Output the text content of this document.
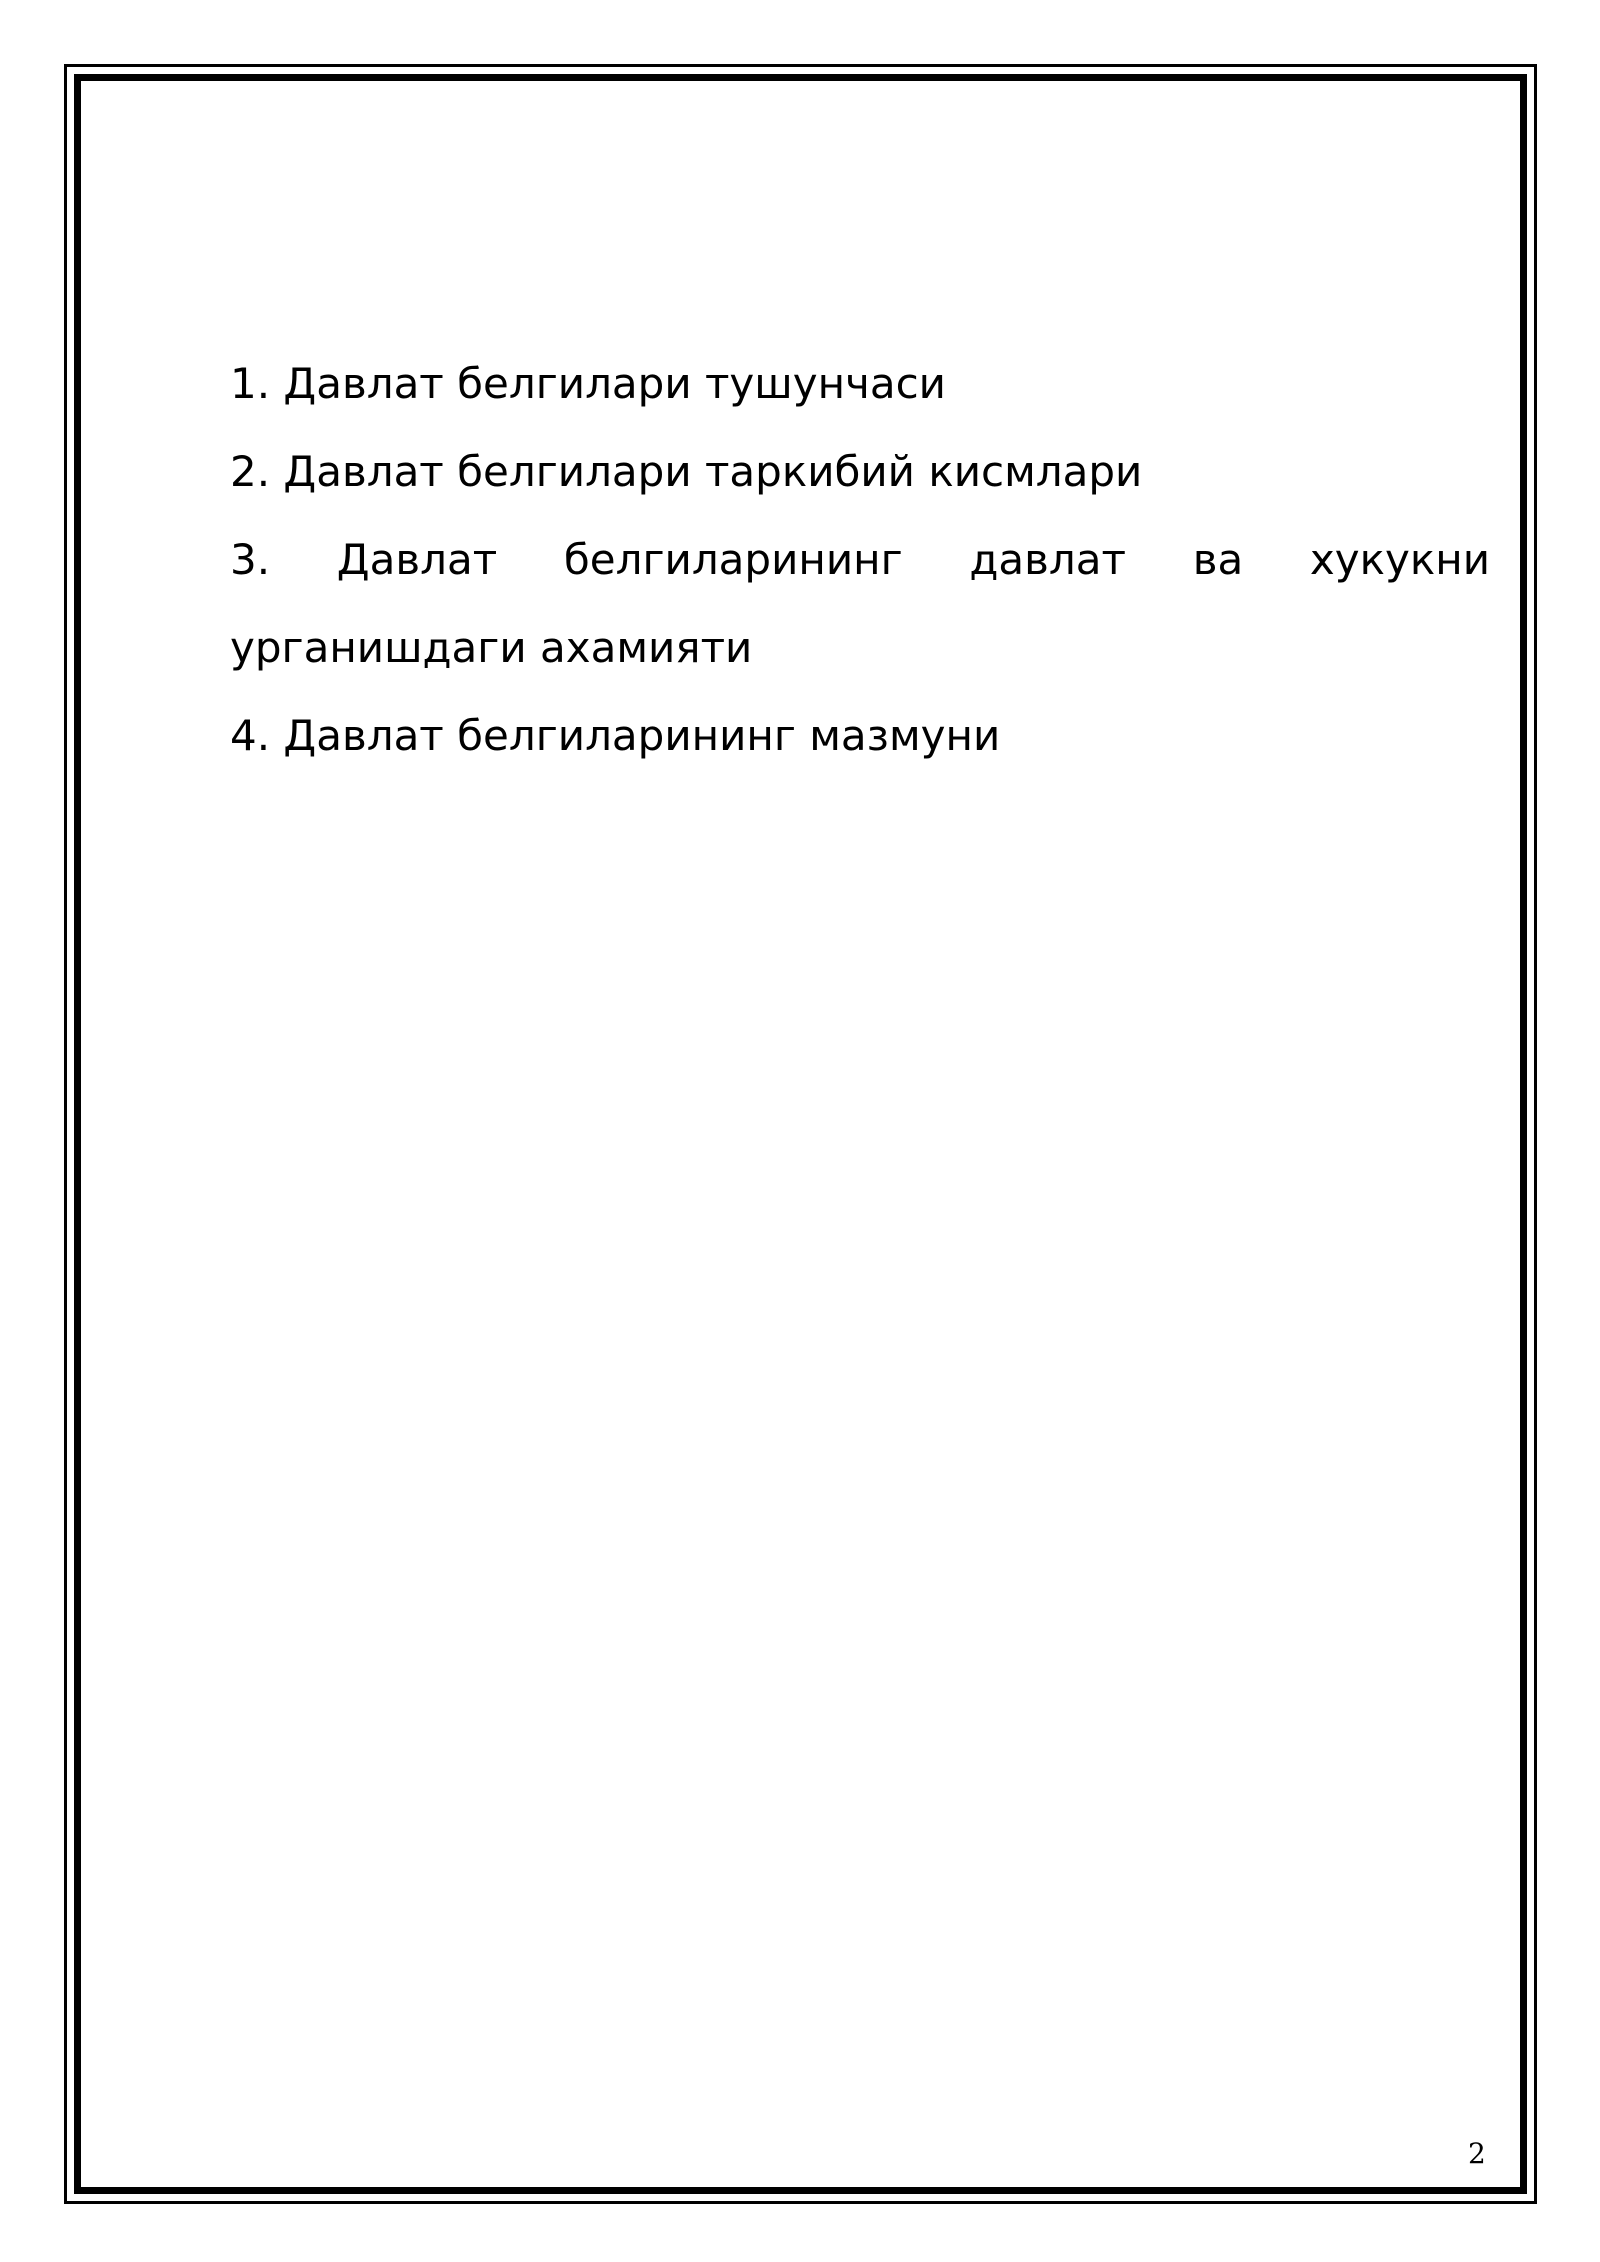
1. Давлат белгилари тушунчаси

2. Давлат белгилари таркибий кисмлари

3. Давлат белгиларининг давлат ва хукукни урганишдаги ахамияти

4. Давлат белгиларининг мазмуни

2
